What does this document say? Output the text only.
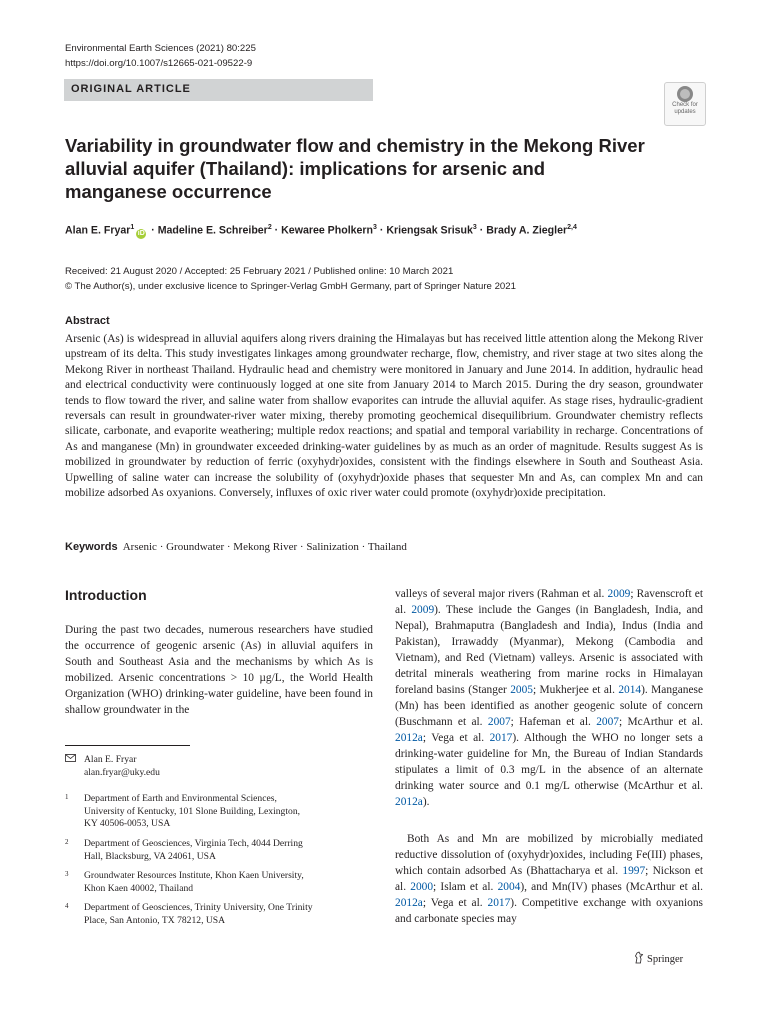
Environmental Earth Sciences (2021) 80:225
https://doi.org/10.1007/s12665-021-09522-9
ORIGINAL ARTICLE
Check for
updates
Variability in groundwater flow and chemistry in the Mekong River alluvial aquifer (Thailand): implications for arsenic and manganese occurrence
Alan E. Fryar$^1$iD · Madeline E. Schreiber$^2$ · Kewaree Pholkern$^3$ · Kriengsak Srisuk$^3$ · Brady A. Ziegler$^{2,4}$
Received: 21 August 2020 / Accepted: 25 February 2021 / Published online: 10 March 2021
© The Author(s), under exclusive licence to Springer-Verlag GmbH Germany, part of Springer Nature 2021
Abstract

Arsenic (As) is widespread in alluvial aquifers along rivers draining the Himalayas but has received little attention along the Mekong River upstream of its delta. This study investigates linkages among groundwater recharge, flow, chemistry, and river stage at two sites along the Mekong River in northeast Thailand. Hydraulic head and chemistry were monitored in January and June 2014. In addition, hydraulic head and electrical conductivity were continuously logged at one site from January 2014 to March 2015. During the dry season, groundwater tends to flow toward the river, and saline water from shallow evaporites can intrude the alluvial aquifer. As stage rises, hydraulic-gradient reversals can result in groundwater-river water mixing, thereby promoting geochemical disequilibrium. Groundwater chemistry reflects silicate, carbonate, and evaporite weathering; multiple redox reactions; and spatial and temporal variability in recharge. Concentrations of As and manganese (Mn) in groundwater exceeded drinking-water guidelines by as much as an order of magnitude. Results suggest As is mobilized in groundwater by reduction of ferric (oxyhydr)oxides, consistent with the findings elsewhere in South and Southeast Asia. Upwelling of saline water can increase the solubility of (oxyhydr)oxide phases that sequester Mn and As, can complex Mn and can mobilize adsorbed As oxyanions. Conversely, influxes of oxic river water could promote (oxyhydr)oxide precipitation.

Keywords Arsenic · Groundwater · Mekong River · Salinization · Thailand
Introduction

During the past two decades, numerous researchers have studied the occurrence of geogenic arsenic (As) in alluvial aquifers in South and Southeast Asia and the mechanisms by which As is mobilized. Arsenic concentrations > 10 µg/L, the World Health Organization (WHO) drinking-water guideline, have been found in shallow groundwater in the

valleys of several major rivers (Rahman et al. 2009; Ravenscroft et al. 2009). These include the Ganges (in Bangladesh, India, and Nepal), Brahmaputra (Bangladesh and India), Indus (India and Pakistan), Irrawaddy (Myanmar), Mekong (Cambodia and Vietnam), and Red (Vietnam) valleys. Arsenic is associated with detrital minerals weathering from marine rocks in Himalayan foreland basins (Stanger 2005; Mukherjee et al. 2014). Manganese (Mn) has been identified as another geogenic solute of concern (Buschmann et al. 2007; Hafeman et al. 2007; McArthur et al. 2012a; Vega et al. 2017). Although the WHO no longer sets a drinking-water guideline for Mn, the Bureau of Indian Standards stipulates a limit of 0.3 mg/L in the absence of an alternate drinking water source and 0.1 mg/L otherwise (McArthur et al. 2012a).

Both As and Mn are mobilized by microbially mediated reductive dissolution of (oxyhydr)oxides, including Fe(III) phases, which contain adsorbed As (Bhattacharya et al. 1997; Nickson et al. 2000; Islam et al. 2004), and Mn(IV) phases (McArthur et al. 2012a; Vega et al. 2017). Competitive exchange with oxyanions and carbonate species may

Alan E. Fryar
alan.fryar@uky.edu
1 Department of Earth and Environmental Sciences,
University of Kentucky, 101 Slone Building, Lexington,
KY 40506-0053, USA
2 Department of Geosciences, Virginia Tech, 4044 Derring
Hall, Blacksburg, VA 24061, USA
3 Groundwater Resources Institute, Khon Kaen University,
Khon Kaen 40002, Thailand
4 Department of Geosciences, Trinity University, One Trinity
Place, San Antonio, TX 78212, USA
Springer
